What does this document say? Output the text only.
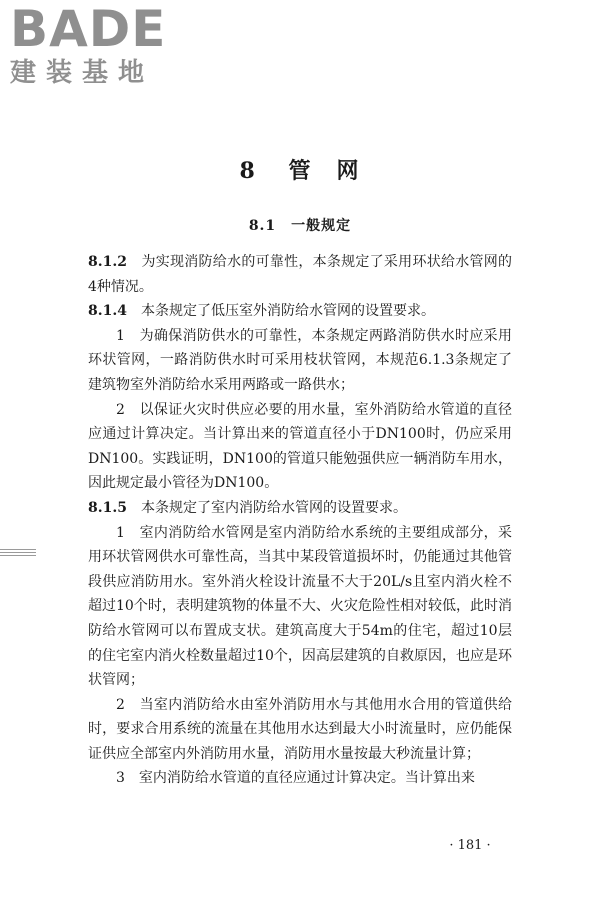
BADE
建装基地
8 管　网
8.1　一般规定

8.1.2　为实现消防给水的可靠性，本条规定了采用环状给水管网的4种情况。

8.1.4　本条规定了低压室外消防给水管网的设置要求。

1　为确保消防供水的可靠性，本条规定两路消防供水时应采用环状管网，一路消防供水时可采用枝状管网，本规范6.1.3条规定了建筑物室外消防给水采用两路或一路供水；

2　以保证火灾时供应必要的用水量，室外消防给水管道的直径应通过计算决定。当计算出来的管道直径小于DN100时，仍应采用DN100。实践证明，DN100的管道只能勉强供应一辆消防车用水，因此规定最小管径为DN100。

8.1.5　本条规定了室内消防给水管网的设置要求。

1　室内消防给水管网是室内消防给水系统的主要组成部分，采用环状管网供水可靠性高，当其中某段管道损坏时，仍能通过其他管段供应消防用水。室外消火栓设计流量不大于20L/s且室内消火栓不超过10个时，表明建筑物的体量不大、火灾危险性相对较低，此时消防给水管网可以布置成支状。建筑高度大于54m的住宅，超过10层的住宅室内消火栓数量超过10个，因高层建筑的自救原因，也应是环状管网；

2　当室内消防给水由室外消防用水与其他用水合用的管道供给时，要求合用系统的流量在其他用水达到最大小时流量时，应仍能保证供应全部室内外消防用水量，消防用水量按最大秒流量计算；

3　室内消防给水管道的直径应通过计算决定。当计算出来

· 181 ·
